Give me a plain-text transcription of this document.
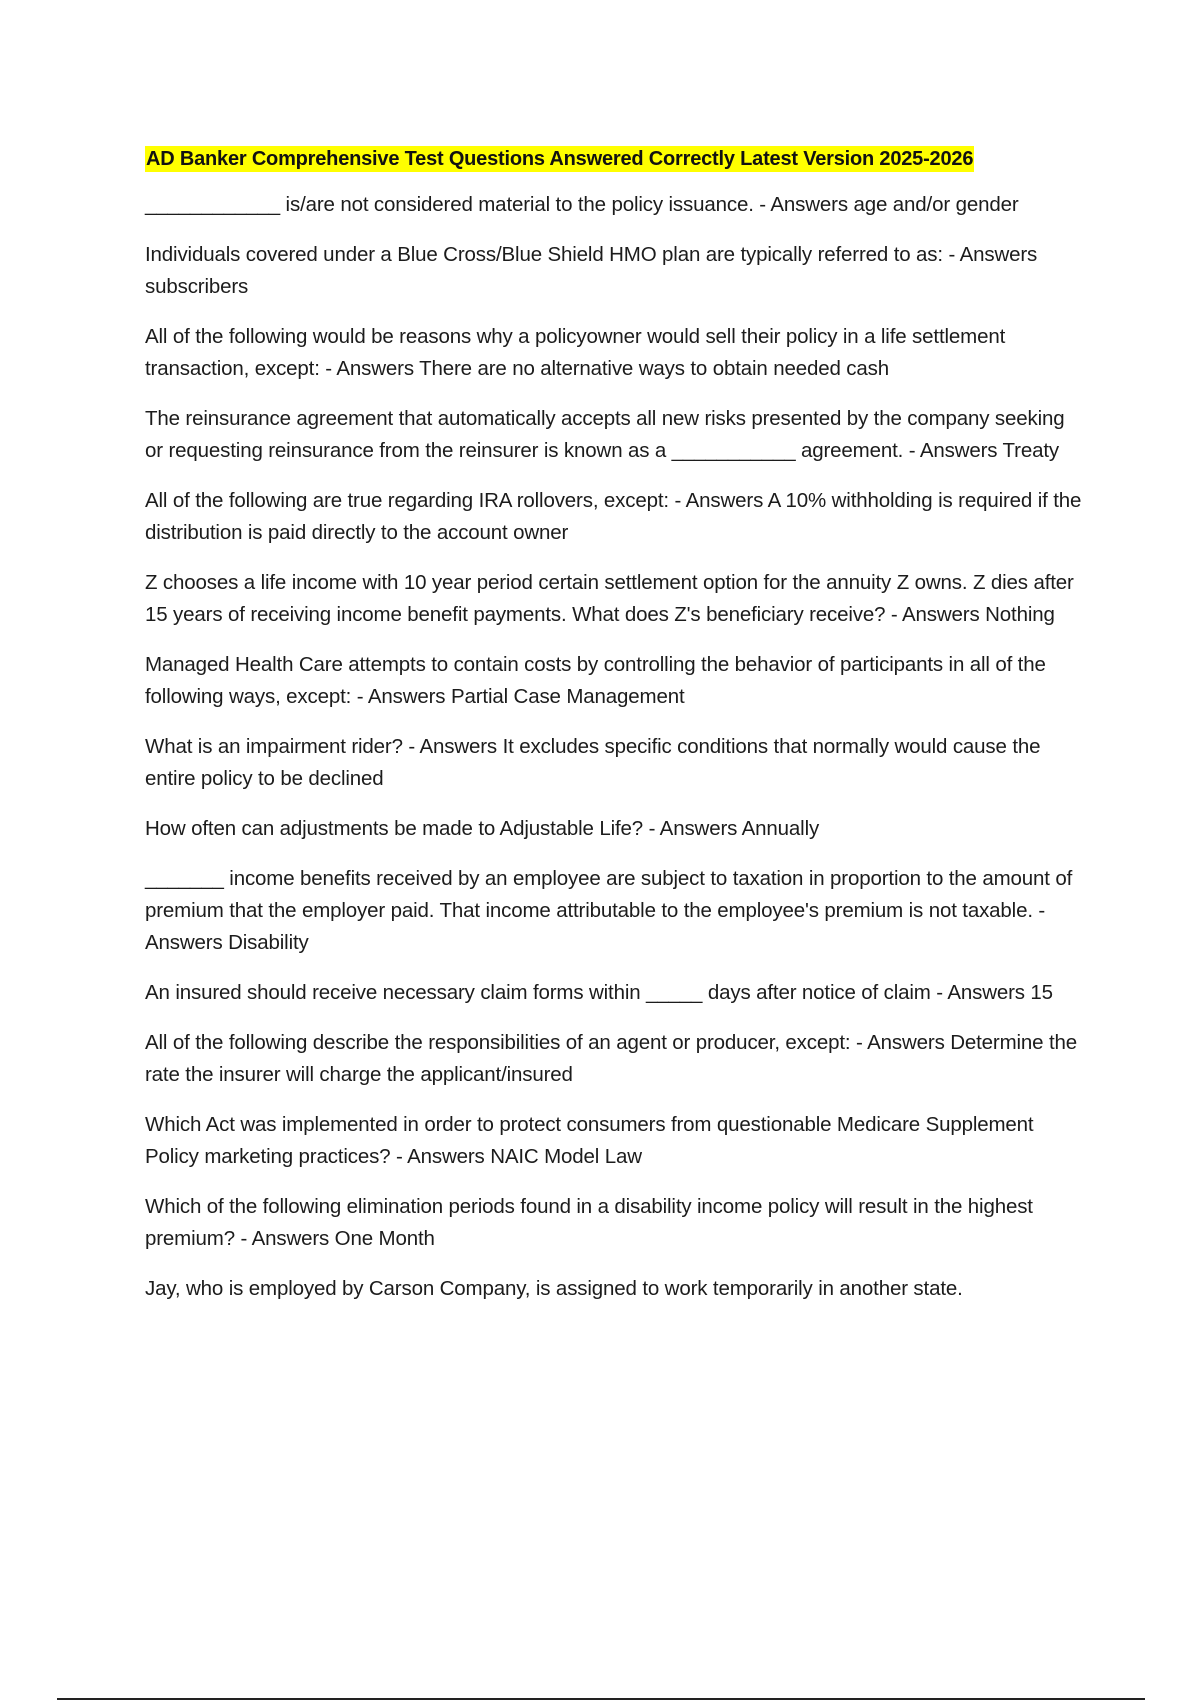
AD Banker Comprehensive Test Questions Answered Correctly Latest Version 2025-2026
____________ is/are not considered material to the policy issuance. - Answers age and/or gender
Individuals covered under a Blue Cross/Blue Shield HMO plan are typically referred to as: - Answers subscribers
All of the following would be reasons why a policyowner would sell their policy in a life settlement transaction, except: - Answers There are no alternative ways to obtain needed cash
The reinsurance agreement that automatically accepts all new risks presented by the company seeking or requesting reinsurance from the reinsurer is known as a ___________ agreement. - Answers Treaty
All of the following are true regarding IRA rollovers, except: - Answers A 10% withholding is required if the distribution is paid directly to the account owner
Z chooses a life income with 10 year period certain settlement option for the annuity Z owns. Z dies after 15 years of receiving income benefit payments. What does Z's beneficiary receive? - Answers Nothing
Managed Health Care attempts to contain costs by controlling the behavior of participants in all of the following ways, except: - Answers Partial Case Management
What is an impairment rider? - Answers It excludes specific conditions that normally would cause the entire policy to be declined
How often can adjustments be made to Adjustable Life? - Answers Annually
_______ income benefits received by an employee are subject to taxation in proportion to the amount of premium that the employer paid. That income attributable to the employee's premium is not taxable. - Answers Disability
An insured should receive necessary claim forms within _____ days after notice of claim - Answers 15
All of the following describe the responsibilities of an agent or producer, except: - Answers Determine the rate the insurer will charge the applicant/insured
Which Act was implemented in order to protect consumers from questionable Medicare Supplement Policy marketing practices? - Answers NAIC Model Law
Which of the following elimination periods found in a disability income policy will result in the highest premium? - Answers One Month
Jay, who is employed by Carson Company, is assigned to work temporarily in another state.
